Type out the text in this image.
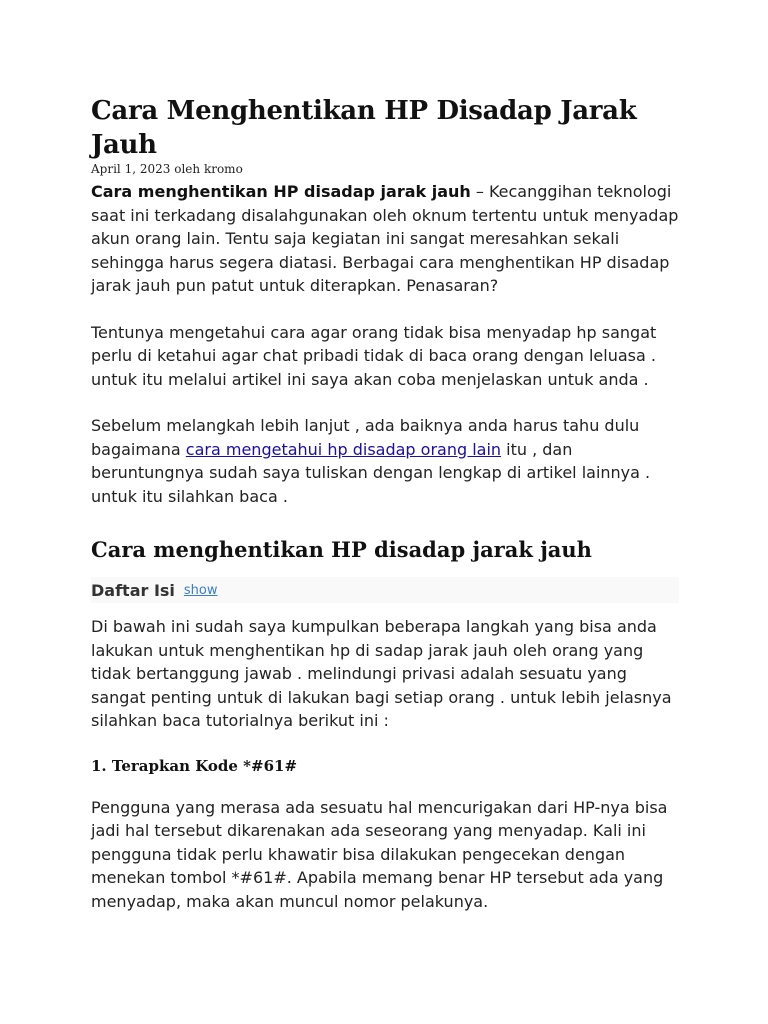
Cara Menghentikan HP Disadap Jarak Jauh

April 1, 2023 oleh kromo

Cara menghentikan HP disadap jarak jauh – Kecanggihan teknologi saat ini terkadang disalahgunakan oleh oknum tertentu untuk menyadap akun orang lain. Tentu saja kegiatan ini sangat meresahkan sekali sehingga harus segera diatasi. Berbagai cara menghentikan HP disadap jarak jauh pun patut untuk diterapkan. Penasaran?

Tentunya mengetahui cara agar orang tidak bisa menyadap hp sangat perlu di ketahui agar chat pribadi tidak di baca orang dengan leluasa . untuk itu melalui artikel ini saya akan coba menjelaskan untuk anda .

Sebelum melangkah lebih lanjut , ada baiknya anda harus tahu dulu bagaimana cara mengetahui hp disadap orang lain itu , dan beruntungnya sudah saya tuliskan dengan lengkap di artikel lainnya . untuk itu silahkan baca .

Cara menghentikan HP disadap jarak jauh
Daftar Isi show

Di bawah ini sudah saya kumpulkan beberapa langkah yang bisa anda lakukan untuk menghentikan hp di sadap jarak jauh oleh orang yang tidak bertanggung jawab . melindungi privasi adalah sesuatu yang sangat penting untuk di lakukan bagi setiap orang . untuk lebih jelasnya silahkan baca tutorialnya berikut ini :

1. Terapkan Kode *#61#

Pengguna yang merasa ada sesuatu hal mencurigakan dari HP-nya bisa jadi hal tersebut dikarenakan ada seseorang yang menyadap. Kali ini pengguna tidak perlu khawatir bisa dilakukan pengecekan dengan menekan tombol *#61#. Apabila memang benar HP tersebut ada yang menyadap, maka akan muncul nomor pelakunya.
